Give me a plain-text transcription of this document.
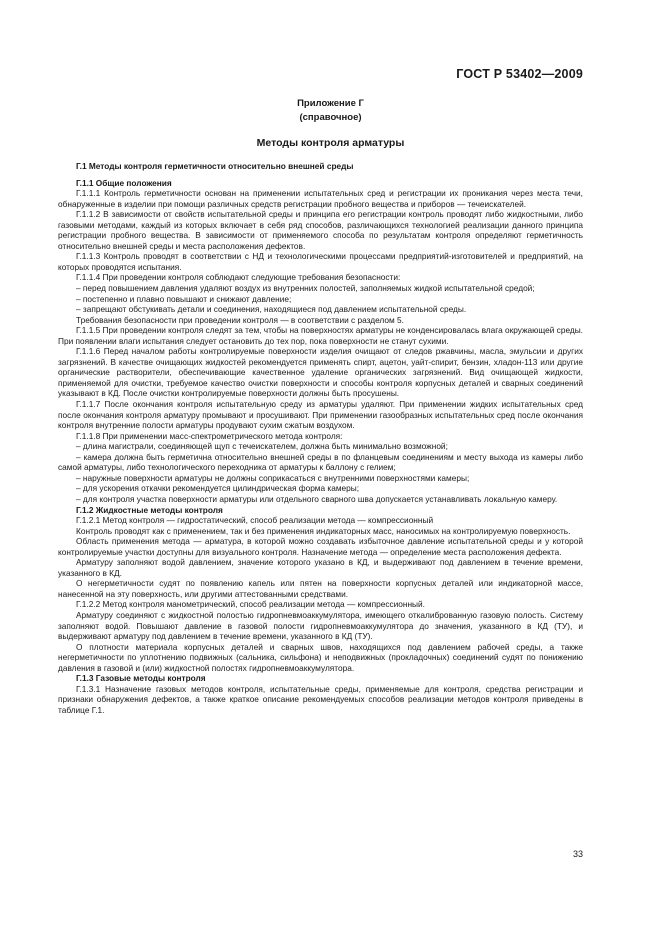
ГОСТ Р 53402—2009
Приложение Г
(справочное)
Методы контроля арматуры

Г.1 Методы контроля герметичности относительно внешней среды

Г.1.1 Общие положения

Г.1.1.1 Контроль герметичности основан на применении испытательных сред и регистрации их проникания через места течи, обнаруженные в изделии при помощи различных средств регистрации пробного вещества и приборов — течеискателей.

Г.1.1.2 В зависимости от свойств испытательной среды и принципа его регистрации контроль проводят либо жидкостными, либо газовыми методами, каждый из которых включает в себя ряд способов, различающихся технологией реализации данного принципа регистрации пробного вещества. В зависимости от применяемого способа по результатам контроля определяют герметичность относительно внешней среды и места расположения дефектов.

Г.1.1.3 Контроль проводят в соответствии с НД и технологическими процессами предприятий-изготовителей и предприятий, на которых проводятся испытания.

Г.1.1.4 При проведении контроля соблюдают следующие требования безопасности:

– перед повышением давления удаляют воздух из внутренних полостей, заполняемых жидкой испытательной средой;

– постепенно и плавно повышают и снижают давление;

– запрещают обстукивать детали и соединения, находящиеся под давлением испытательной среды.

Требования безопасности при проведении контроля — в соответствии с разделом 5.

Г.1.1.5 При проведении контроля следят за тем, чтобы на поверхностях арматуры не конденсировалась влага окружающей среды. При появлении влаги испытания следует остановить до тех пор, пока поверхности не станут сухими.

Г.1.1.6 Перед началом работы контролируемые поверхности изделия очищают от следов ржавчины, масла, эмульсии и других загрязнений. В качестве очищающих жидкостей рекомендуется применять спирт, ацетон, уайт-спирит, бензин, хладон-113 или другие органические растворители, обеспечивающие качественное удаление органических загрязнений. Вид очищающей жидкости, применяемой для очистки, требуемое качество очистки поверхности и способы контроля корпусных деталей и сварных соединений указывают в КД. После очистки контролируемые поверхности должны быть просушены.

Г.1.1.7 После окончания контроля испытательную среду из арматуры удаляют. При применении жидких испытательных сред после окончания контроля арматуру промывают и просушивают. При применении газообразных испытательных сред после окончания контроля внутренние полости арматуры продувают сухим сжатым воздухом.

Г.1.1.8 При применении масс-спектрометрического метода контроля:

– длина магистрали, соединяющей щуп с течеискателем, должна быть минимально возможной;

– камера должна быть герметична относительно внешней среды в по фланцевым соединениям и месту выхода из камеры либо самой арматуры, либо технологического переходника от арматуры к баллону с гелием;

– наружные поверхности арматуры не должны соприкасаться с внутренними поверхностями камеры;

– для ускорения откачки рекомендуется цилиндрическая форма камеры;

– для контроля участка поверхности арматуры или отдельного сварного шва допускается устанавливать локальную камеру.

Г.1.2 Жидкостные методы контроля

Г.1.2.1 Метод контроля — гидростатический, способ реализации метода — компрессионный

Контроль проводят как с применением, так и без применения индикаторных масс, наносимых на контролируемую поверхность.

Область применения метода — арматура, в которой можно создавать избыточное давление испытательной среды и у которой контролируемые участки доступны для визуального контроля. Назначение метода — определение места расположения дефекта.

Арматуру заполняют водой давлением, значение которого указано в КД, и выдерживают под давлением в течение времени, указанного в КД.

О негерметичности судят по появлению капель или пятен на поверхности корпусных деталей или индикаторной массе, нанесенной на эту поверхность, или другими аттестованными средствами.

Г.1.2.2 Метод контроля манометрический, способ реализации метода — компрессионный.

Арматуру соединяют с жидкостной полостью гидропневмоаккумулятора, имеющего откалиброванную газовую полость. Систему заполняют водой. Повышают давление в газовой полости гидропневмоаккумулятора до значения, указанного в КД (ТУ), и выдерживают арматуру под давлением в течение времени, указанного в КД (ТУ).

О плотности материала корпусных деталей и сварных швов, находящихся под давлением рабочей среды, а также негерметичности по уплотнению подвижных (сальника, сильфона) и неподвижных (прокладочных) соединений судят по понижению давления в газовой и (или) жидкостной полостях гидропневмоаккумулятора.

Г.1.3 Газовые методы контроля

Г.1.3.1 Назначение газовых методов контроля, испытательные среды, применяемые для контроля, средства регистрации и признаки обнаружения дефектов, а также краткое описание рекомендуемых способов реализации методов контроля приведены в таблице Г.1.

33
